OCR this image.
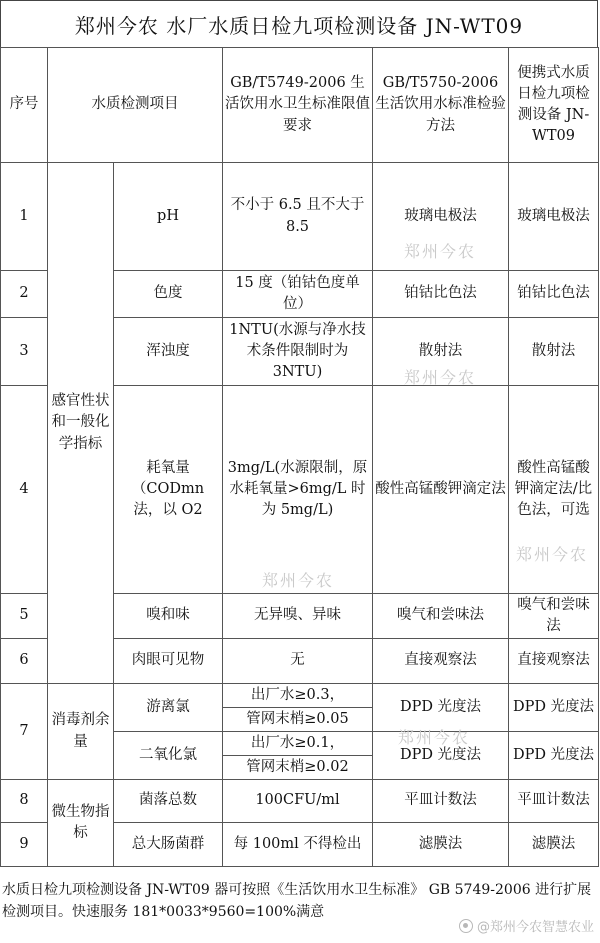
郑州今农 水厂水质日检九项检测设备 JN-WT09
序号	水质检测项目		GB/T5749-2006 生活饮用水卫生标准限值要求	GB/T5750-2006 生活饮用水标准检验方法	便携式水质日检九项检测设备 JN-WT09
1	感官性状和一般化学指标	pH	不小于 6.5 且不大于 8.5	玻璃电极法	玻璃电极法
2		色度	15 度（铂钴色度单位）	铂钴比色法	铂钴比色法
3		浑浊度	1NTU(水源与净水技术条件限制时为 3NTU)	散射法	散射法
4		耗氧量（CODmn 法，以 O2	3mg/L(水源限制，原水耗氧量>6mg/L 时为 5mg/L)	酸性高锰酸钾滴定法	酸性高锰酸钾滴定法/比色法，可选
5		嗅和味	无异嗅、异味	嗅气和尝味法	嗅气和尝味法
6		肉眼可见物	无	直接观察法	直接观察法
7	消毒剂余量	游离氯	出厂水≥0.3，	DPD 光度法	DPD 光度法
			管网末梢≥0.05		
		二氧化氯	出厂水≥0.1，	DPD 光度法	DPD 光度法
			管网末梢≥0.02		
8	微生物指标	菌落总数	100CFU/ml	平皿计数法	平皿计数法
9		总大肠菌群	每 100ml 不得检出	滤膜法	滤膜法
水质日检九项检测设备 JN-WT09 器可按照《生活饮用水卫生标准》 GB 5749-2006 进行扩展检测项目。快速服务 181*0033*9560=100%满意
郑州今农
郑州今农
郑州今农
郑州今农
郑州今农
@郑州今农智慧农业
